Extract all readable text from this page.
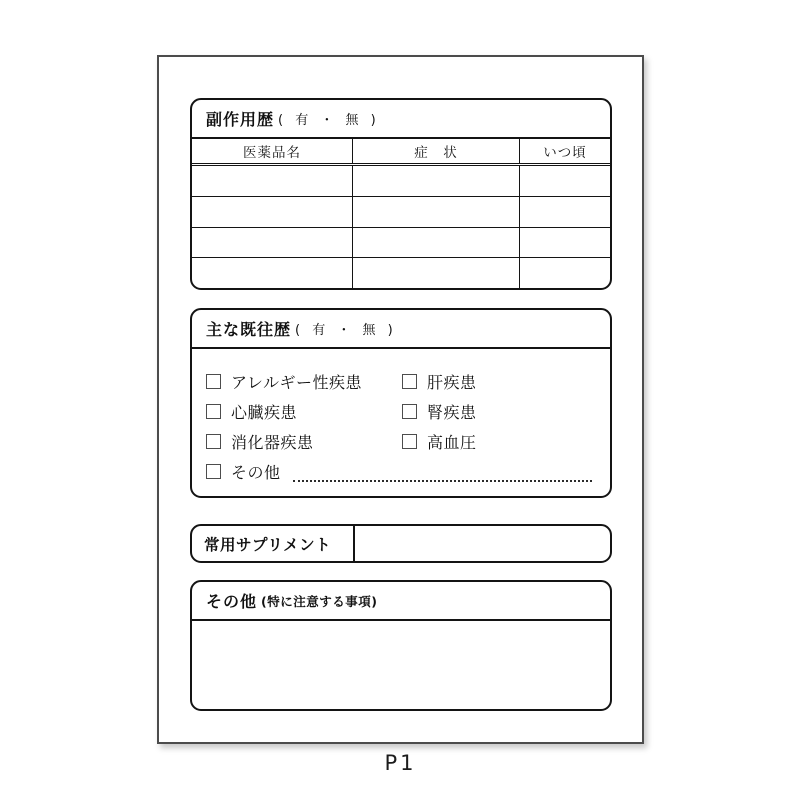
副作用歴 ( 有 ・ 無 )
医薬品名	症　状	いつ頃
主な既往歴 ( 有 ・ 無 )
アレルギー性疾患	肝疾患
心臓疾患	腎疾患
消化器疾患	高血圧
その他
常用サプリメント
その他 (特に注意する事項)
P1
